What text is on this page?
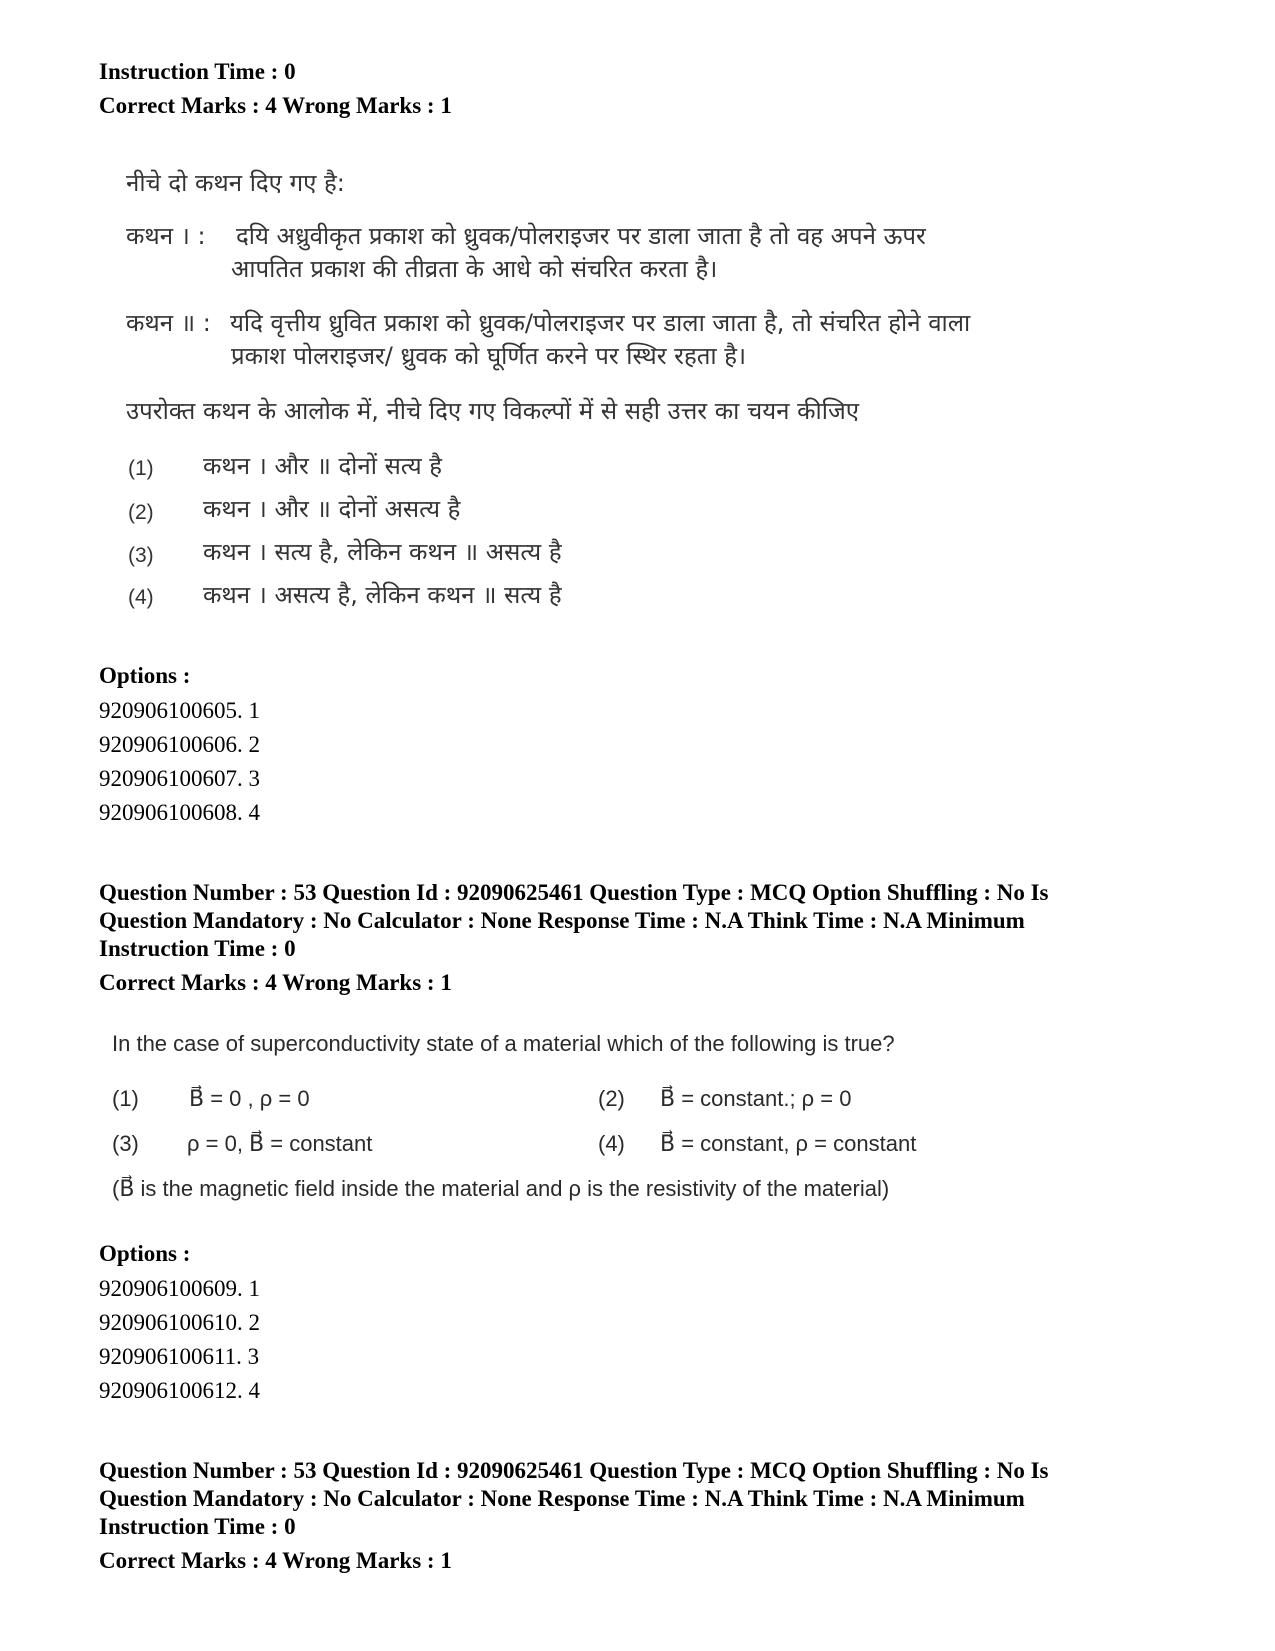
Instruction Time : 0
Correct Marks : 4 Wrong Marks : 1
नीचे दो कथन दिए गए है:
कथन । : दयि अध्रुवीकृत प्रकाश को ध्रुवक/पोलराइजर पर डाला जाता है तो वह अपने ऊपर
आपतित प्रकाश की तीव्रता के आधे को संचरित करता है।
कथन ॥ : यदि वृत्तीय ध्रुवित प्रकाश को ध्रुवक/पोलराइजर पर डाला जाता है, तो संचरित होने वाला
प्रकाश पोलराइजर/ ध्रुवक को घूर्णित करने पर स्थिर रहता है।
उपरोक्त कथन के आलोक में, नीचे दिए गए विकल्पों में से सही उत्तर का चयन कीजिए
(1) कथन । और ॥ दोनों सत्य है
(2) कथन । और ॥ दोनों असत्य है
(3) कथन । सत्य है, लेकिन कथन ॥ असत्य है
(4) कथन । असत्य है, लेकिन कथन ॥ सत्य है
Options :
920906100605. 1
920906100606. 2
920906100607. 3
920906100608. 4
Question Number : 53 Question Id : 92090625461 Question Type : MCQ Option Shuffling : No Is
Question Mandatory : No Calculator : None Response Time : N.A Think Time : N.A Minimum
Instruction Time : 0
Correct Marks : 4 Wrong Marks : 1
In the case of superconductivity state of a material which of the following is true?
(1) B⃗ = 0 , ρ = 0	(2) B⃗ = constant.; ρ = 0
(3) ρ = 0, B⃗ = constant	(4) B⃗ = constant, ρ = constant
(B⃗ is the magnetic field inside the material and ρ is the resistivity of the material)
Options :
920906100609. 1
920906100610. 2
920906100611. 3
920906100612. 4
Question Number : 53 Question Id : 92090625461 Question Type : MCQ Option Shuffling : No Is
Question Mandatory : No Calculator : None Response Time : N.A Think Time : N.A Minimum
Instruction Time : 0
Correct Marks : 4 Wrong Marks : 1
